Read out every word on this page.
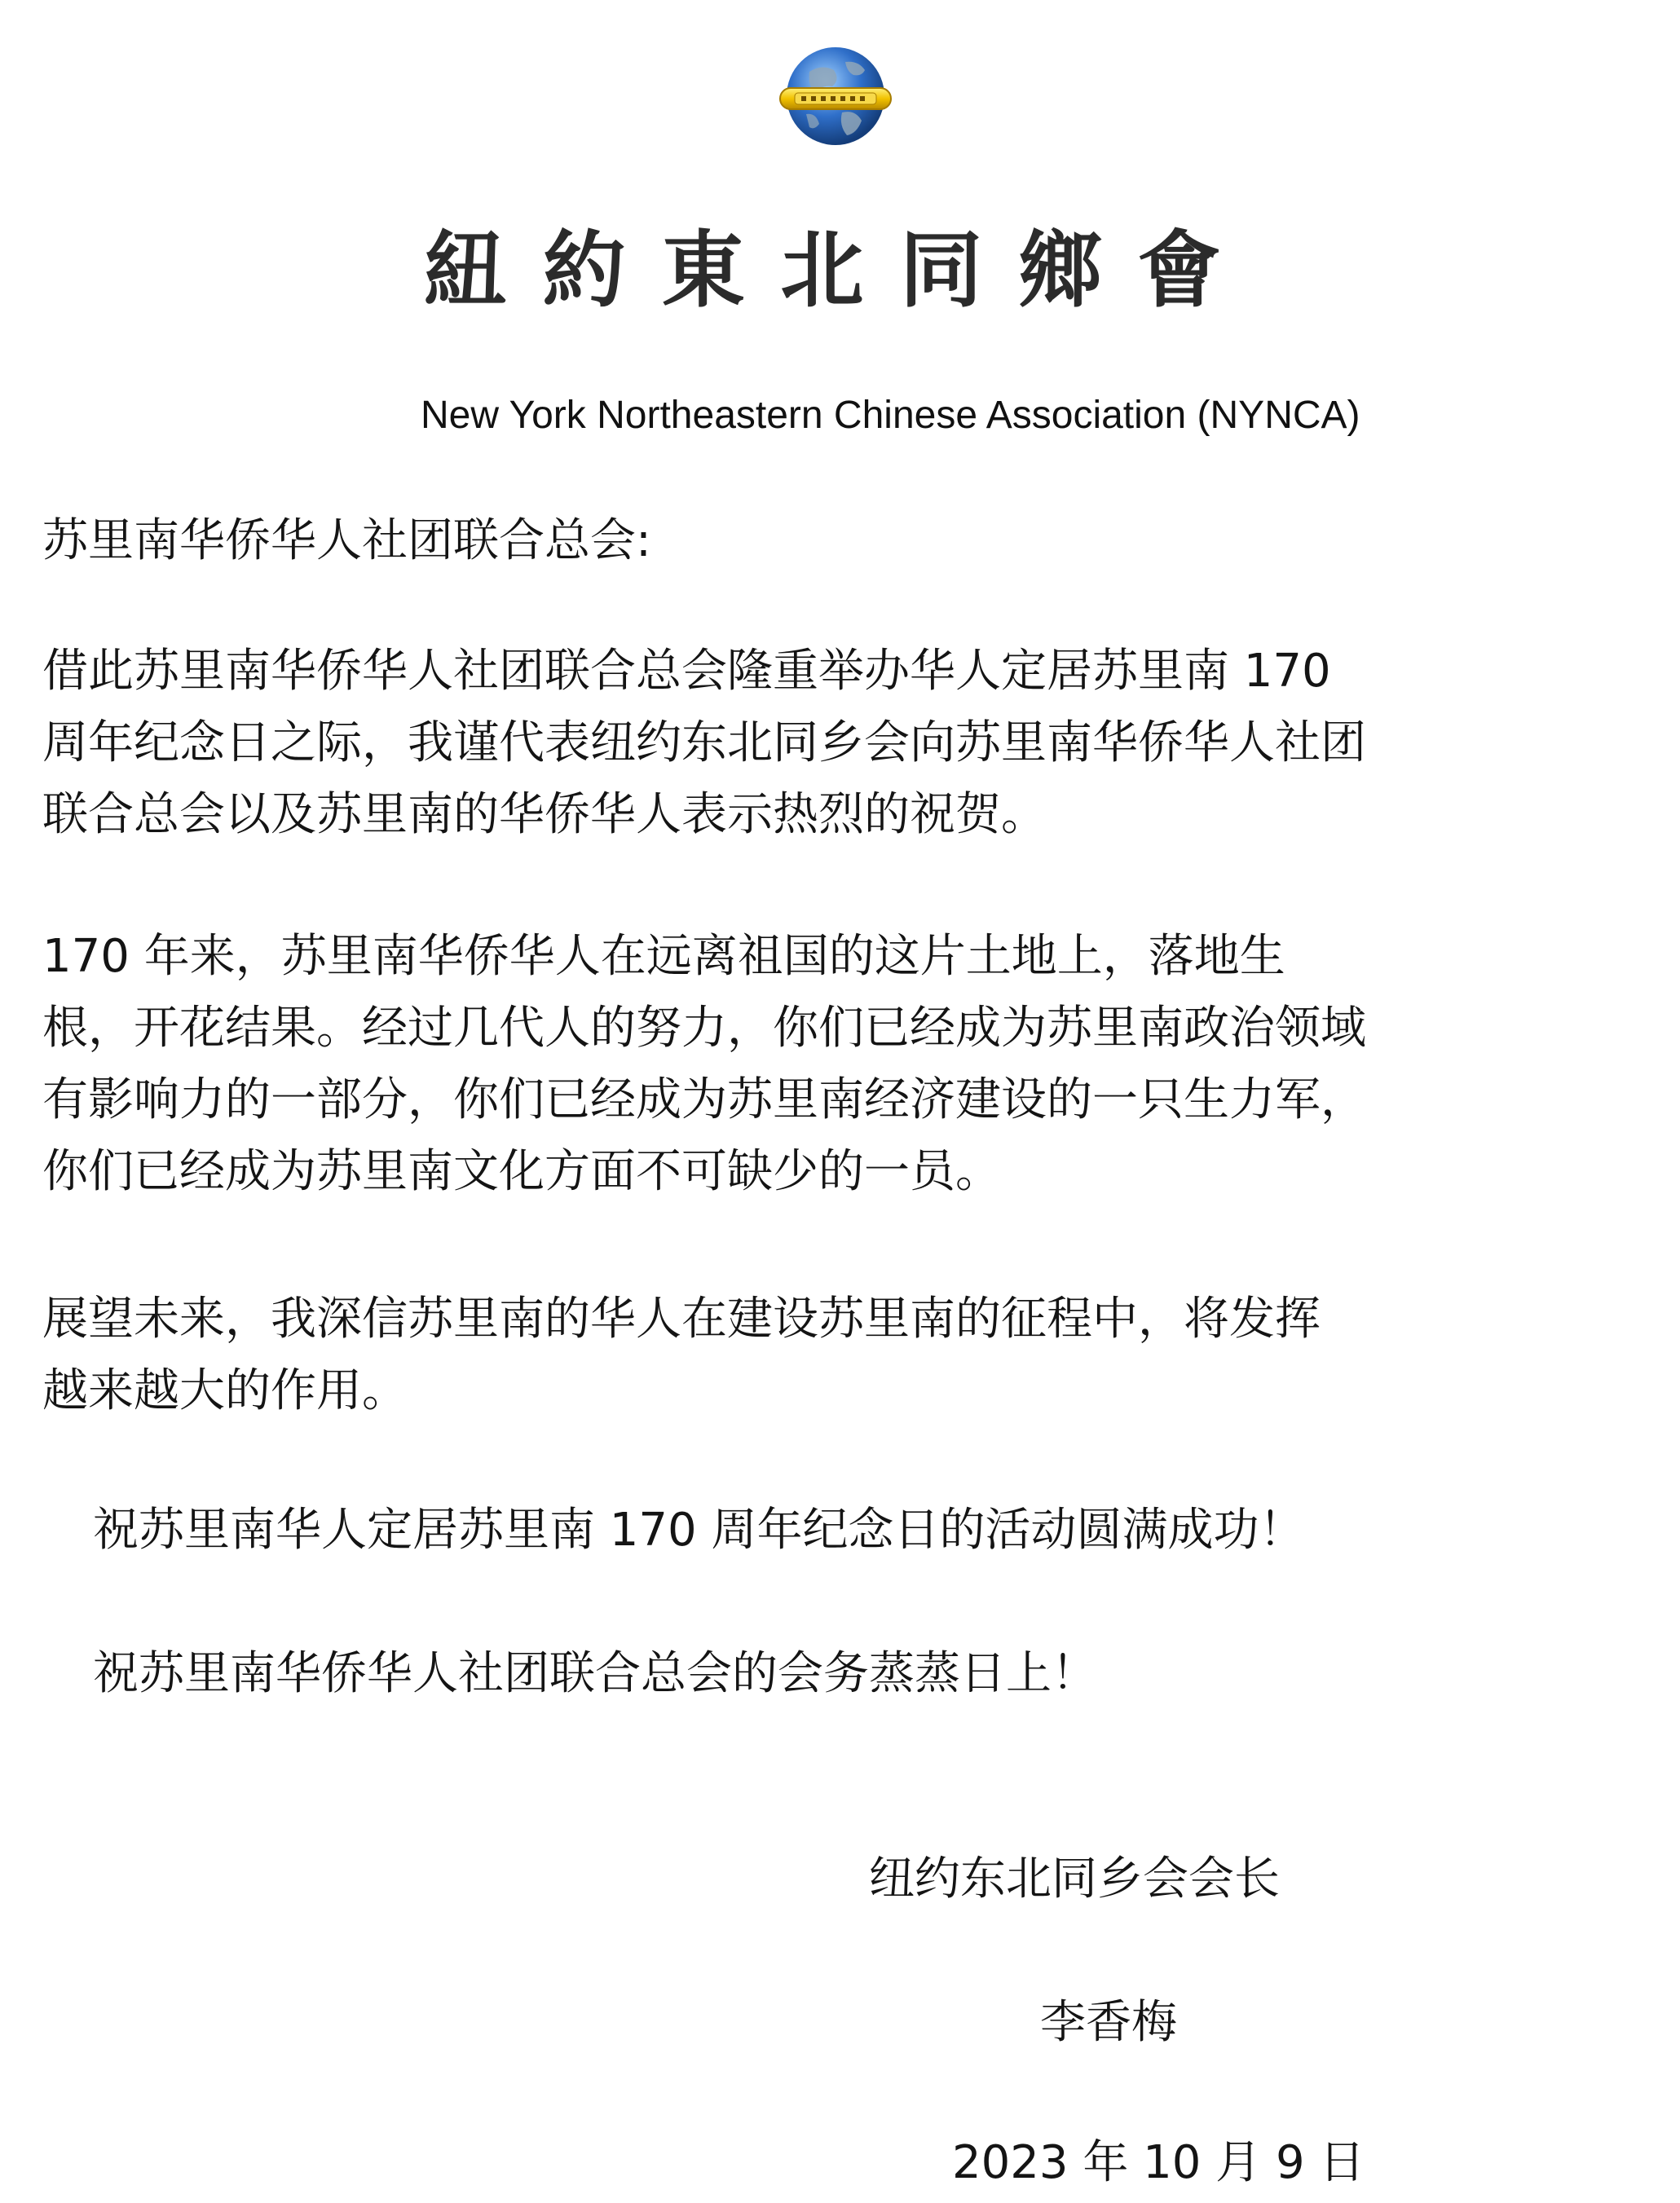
紐約東北同鄉會
New York Northeastern Chinese Association (NYNCA)
苏里南华侨华人社团联合总会:
借此苏里南华侨华人社团联合总会隆重举办华人定居苏里南 170
周年纪念日之际，我谨代表纽约东北同乡会向苏里南华侨华人社团
联合总会以及苏里南的华侨华人表示热烈的祝贺。
170 年来，苏里南华侨华人在远离祖国的这片土地上，落地生
根，开花结果。经过几代人的努力，你们已经成为苏里南政治领域
有影响力的一部分，你们已经成为苏里南经济建设的一只生力军，
你们已经成为苏里南文化方面不可缺少的一员。
展望未来，我深信苏里南的华人在建设苏里南的征程中，将发挥
越来越大的作用。
祝苏里南华人定居苏里南 170 周年纪念日的活动圆满成功！
祝苏里南华侨华人社团联合总会的会务蒸蒸日上！
纽约东北同乡会会长
李香梅
2023 年 10 月 9 日
